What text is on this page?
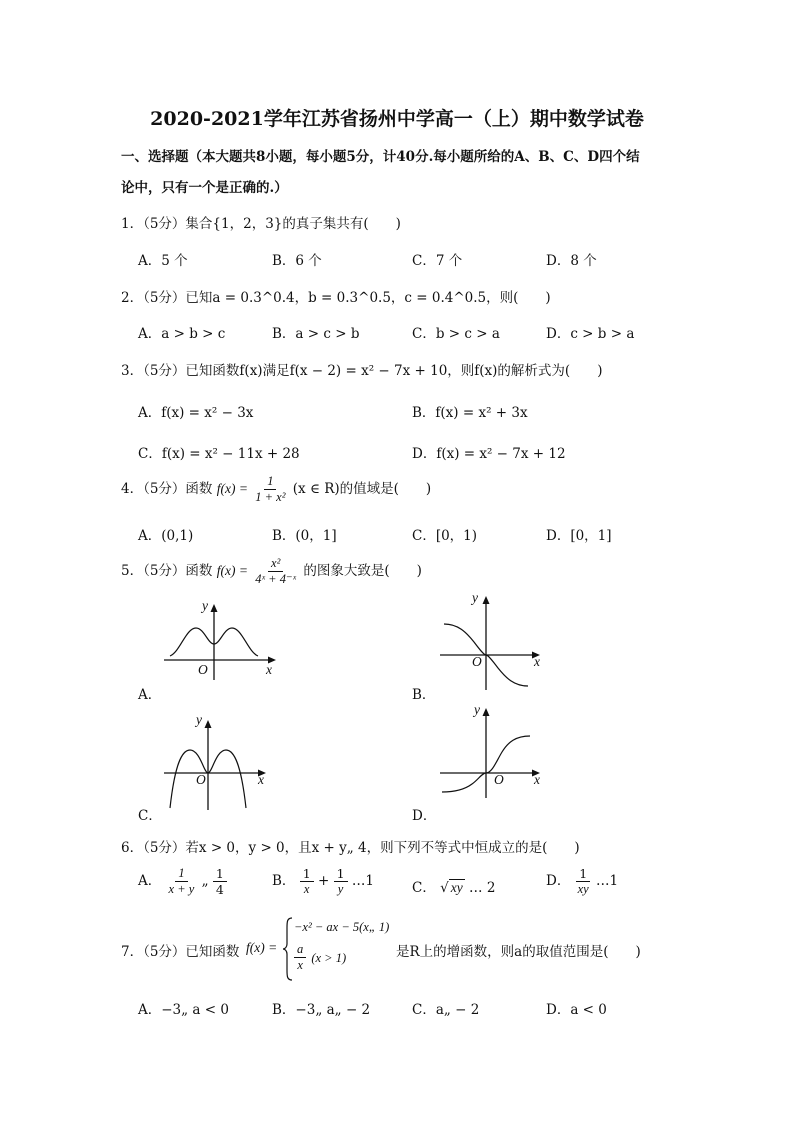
2020-2021学年江苏省扬州中学高一（上）期中数学试卷
一、选择题（本大题共8小题，每小题5分，计40分.每小题所给的A、B、C、D四个结
论中，只有一个是正确的.）
1．（5分）集合{1，2，3}的真子集共有(　　)
A．5 个	B．6 个	C．7 个	D．8 个
2．（5分）已知a = 0.3^0.4，b = 0.3^0.5，c = 0.4^0.5，则(　　)
A．a > b > c	B．a > c > b	C．b > c > a	D．c > b > a
3．（5分）已知函数f(x)满足f(x − 2) = x² − 7x + 10，则f(x)的解析式为(　　)
A．f(x) = x² − 3x	B．f(x) = x² + 3x
C．f(x) = x² − 11x + 28	D．f(x) = x² − 7x + 12
4．（5分）函数 $f(x) = \frac{1}{\text{1 + x²}} (x$ ∈ R)的值域是(　　)
A．(0,1)	B．(0，1]	C．[0，1)	D．[0，1]
5．（5分）函数 $f(x) = \frac{\text{x²}}{\text{4ˣ + 4⁻ˣ}}$ 的图象大致是(　　)
y
O	x
A．
y
O	x
B．
y
O	x
C．
y
O x
D．
6．（5分）若x > 0，y > 0，且x + y„ 4，则下列不等式中恒成立的是(　　)
A． $\frac{1}{x + y}$ „ $\frac{1}{4}$	B． $\frac{1}{x} + \frac{1}{y}$ …1	C． √ xy … 2	D． $\frac{1}{xy}$ …1
7．（5分）已知函数 f(x) =
−x² − ax − 5(x„ 1)
$\frac{a}{x} (x > 1)$	是R上的增函数，则a的取值范围是(　　)
A．−3„ a < 0	B．−3„ a„ − 2	C．a„ − 2	D．a < 0
